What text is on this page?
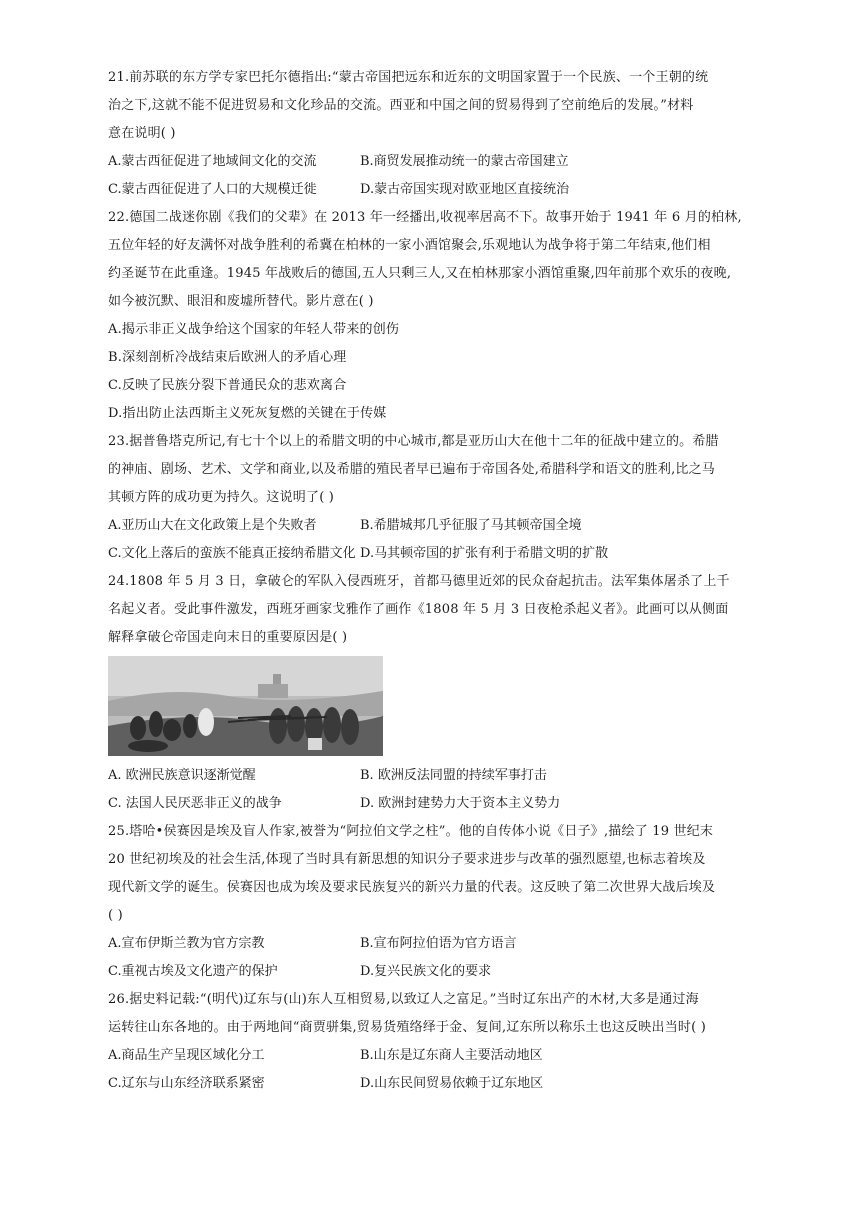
21.前苏联的东方学专家巴托尔德指出:“蒙古帝国把远东和近东的文明国家置于一个民族、一个王朝的统
治之下,这就不能不促进贸易和文化珍品的交流。西亚和中国之间的贸易得到了空前绝后的发展。”材料
意在说明( )
A.蒙古西征促进了地域间文化的交流	B.商贸发展推动统一的蒙古帝国建立
C.蒙古西征促进了人口的大规模迁徙	D.蒙古帝国实现对欧亚地区直接统治
22.德国二战迷你剧《我们的父辈》在 2013 年一经播出,收视率居高不下。故事开始于 1941 年 6 月的柏林,
五位年轻的好友满怀对战争胜利的希冀在柏林的一家小酒馆聚会,乐观地认为战争将于第二年结束,他们相
约圣诞节在此重逢。1945 年战败后的德国,五人只剩三人,又在柏林那家小酒馆重聚,四年前那个欢乐的夜晚,
如今被沉默、眼泪和废墟所替代。影片意在( )
A.揭示非正义战争给这个国家的年轻人带来的创伤
B.深刻剖析冷战结束后欧洲人的矛盾心理
C.反映了民族分裂下普通民众的悲欢离合
D.指出防止法西斯主义死灰复燃的关键在于传媒
23.据普鲁塔克所记,有七十个以上的希腊文明的中心城市,都是亚历山大在他十二年的征战中建立的。希腊
的神庙、剧场、艺术、文学和商业,以及希腊的殖民者早已遍布于帝国各处,希腊科学和语文的胜利,比之马
其顿方阵的成功更为持久。这说明了( )
A.亚历山大在文化政策上是个失败者	B.希腊城邦几乎征服了马其顿帝国全境
C.文化上落后的蛮族不能真正接纳希腊文化 D.马其顿帝国的扩张有利于希腊文明的扩散
24.1808 年 5 月 3 日，拿破仑的军队入侵西班牙，首都马德里近郊的民众奋起抗击。法军集体屠杀了上千
名起义者。受此事件激发，西班牙画家戈雅作了画作《1808 年 5 月 3 日夜枪杀起义者》。此画可以从侧面
解释拿破仑帝国走向末日的重要原因是( )
A. 欧洲民族意识逐渐觉醒	B. 欧洲反法同盟的持续军事打击
C. 法国人民厌恶非正义的战争	D. 欧洲封建势力大于资本主义势力
25.塔哈•侯赛因是埃及盲人作家,被誉为“阿拉伯文学之柱”。他的自传体小说《日子》,描绘了 19 世纪末
20 世纪初埃及的社会生活,体现了当时具有新思想的知识分子要求进步与改革的强烈愿望,也标志着埃及
现代新文学的诞生。侯赛因也成为埃及要求民族复兴的新兴力量的代表。这反映了第二次世界大战后埃及
( )
A.宣布伊斯兰教为官方宗教	B.宣布阿拉伯语为官方语言
C.重视古埃及文化遗产的保护	D.复兴民族文化的要求
26.据史料记载:“(明代)辽东与(山)东人互相贸易,以致辽人之富足。”当时辽东出产的木材,大多是通过海
运转往山东各地的。由于两地间“商贾骈集,贸易货殖络绎于金、复间,辽东所以称乐土也这反映出当时( )
A.商品生产呈现区域化分工	B.山东是辽东商人主要活动地区
C.辽东与山东经济联系紧密	D.山东民间贸易依赖于辽东地区
